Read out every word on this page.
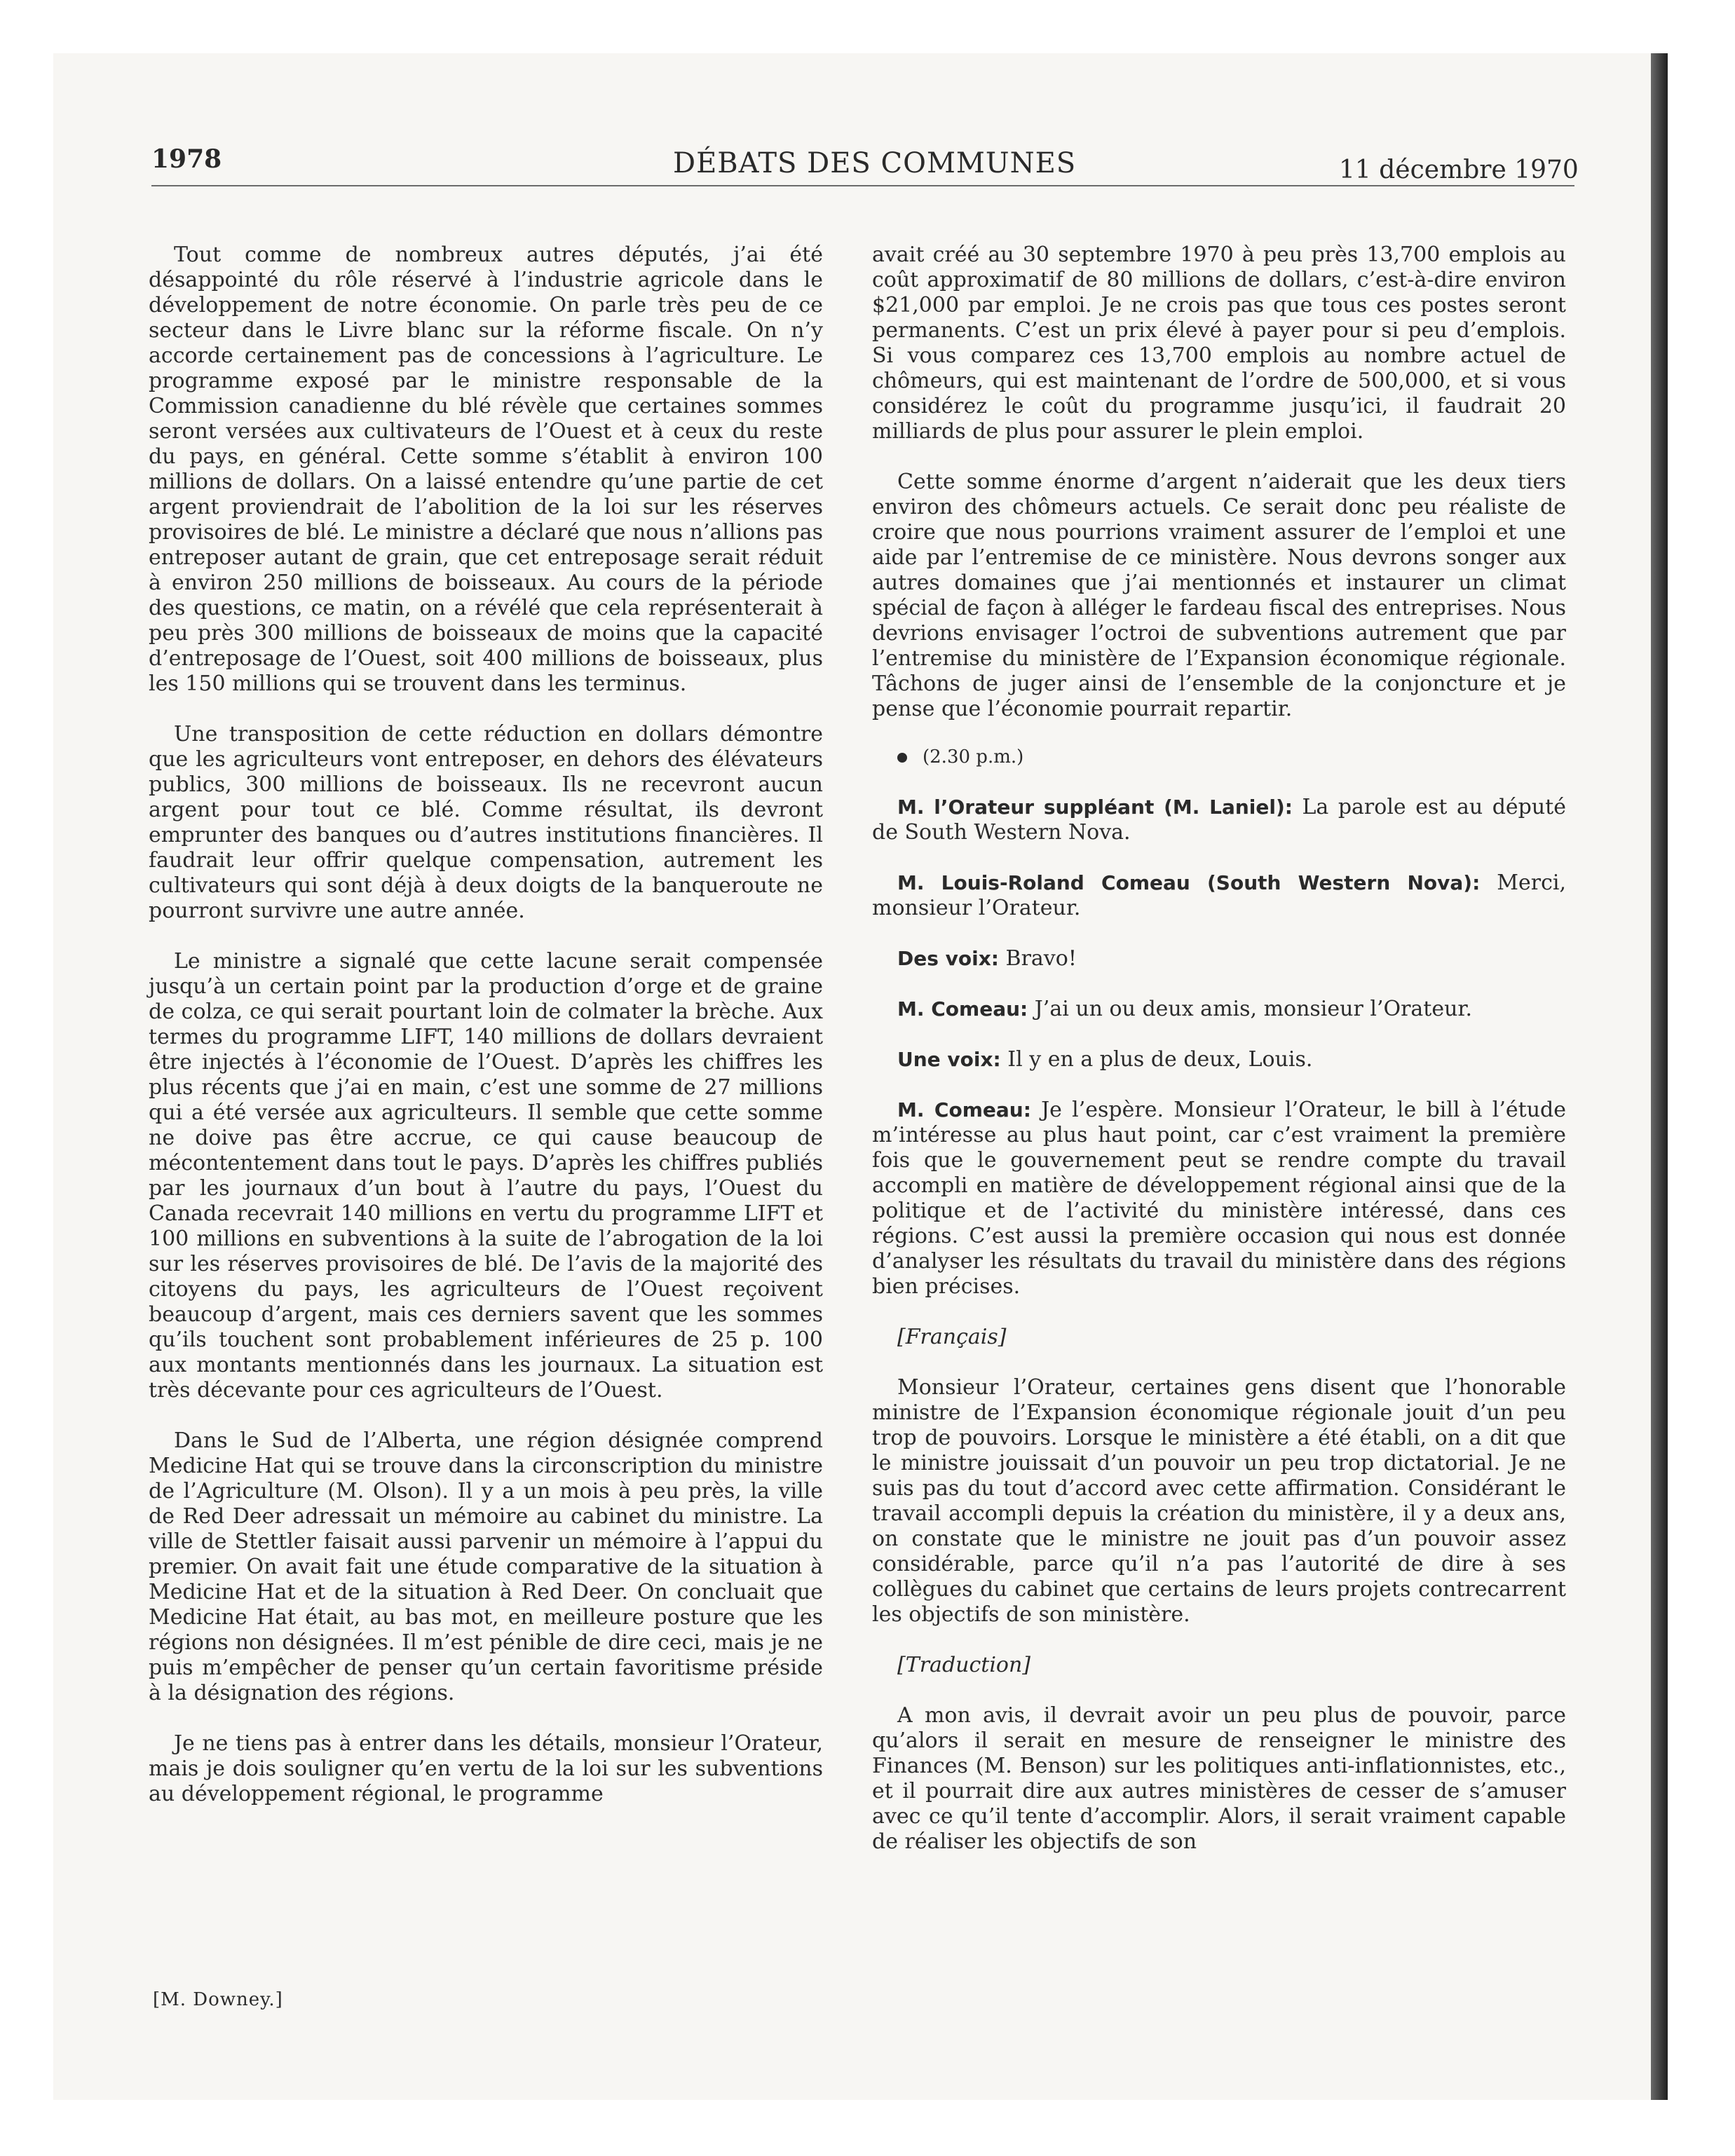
1978	DÉBATS DES COMMUNES	11 décembre 1970

Tout comme de nombreux autres députés, j’ai été désappointé du rôle réservé à l’industrie agricole dans le développement de notre économie. On parle très peu de ce secteur dans le Livre blanc sur la réforme fiscale. On n’y accorde certainement pas de concessions à l’agriculture. Le programme exposé par le ministre responsable de la Commission canadienne du blé révèle que certaines sommes seront versées aux cultivateurs de l’Ouest et à ceux du reste du pays, en général. Cette somme s’établit à environ 100 millions de dollars. On a laissé entendre qu’une partie de cet argent proviendrait de l’abolition de la loi sur les réserves provisoires de blé. Le ministre a déclaré que nous n’allions pas entreposer autant de grain, que cet entreposage serait réduit à environ 250 millions de boisseaux. Au cours de la période des questions, ce matin, on a révélé que cela représenterait à peu près 300 millions de boisseaux de moins que la capacité d’entreposage de l’Ouest, soit 400 millions de boisseaux, plus les 150 millions qui se trouvent dans les terminus.

Une transposition de cette réduction en dollars démontre que les agriculteurs vont entreposer, en dehors des élévateurs publics, 300 millions de boisseaux. Ils ne recevront aucun argent pour tout ce blé. Comme résultat, ils devront emprunter des banques ou d’autres institutions financières. Il faudrait leur offrir quelque compensation, autrement les cultivateurs qui sont déjà à deux doigts de la banqueroute ne pourront survivre une autre année.

Le ministre a signalé que cette lacune serait compensée jusqu’à un certain point par la production d’orge et de graine de colza, ce qui serait pourtant loin de colmater la brèche. Aux termes du programme LIFT, 140 millions de dollars devraient être injectés à l’économie de l’Ouest. D’après les chiffres les plus récents que j’ai en main, c’est une somme de 27 millions qui a été versée aux agriculteurs. Il semble que cette somme ne doive pas être accrue, ce qui cause beaucoup de mécontentement dans tout le pays. D’après les chiffres publiés par les journaux d’un bout à l’autre du pays, l’Ouest du Canada recevrait 140 millions en vertu du programme LIFT et 100 millions en subventions à la suite de l’abrogation de la loi sur les réserves provisoires de blé. De l’avis de la majorité des citoyens du pays, les agriculteurs de l’Ouest reçoivent beaucoup d’argent, mais ces derniers savent que les sommes qu’ils touchent sont probablement inférieures de 25 p. 100 aux montants mentionnés dans les journaux. La situation est très décevante pour ces agriculteurs de l’Ouest.

Dans le Sud de l’Alberta, une région désignée comprend Medicine Hat qui se trouve dans la circonscription du ministre de l’Agriculture (M. Olson). Il y a un mois à peu près, la ville de Red Deer adressait un mémoire au cabinet du ministre. La ville de Stettler faisait aussi parvenir un mémoire à l’appui du premier. On avait fait une étude comparative de la situation à Medicine Hat et de la situation à Red Deer. On concluait que Medicine Hat était, au bas mot, en meilleure posture que les régions non désignées. Il m’est pénible de dire ceci, mais je ne puis m’empêcher de penser qu’un certain favoritisme préside à la désignation des régions.

Je ne tiens pas à entrer dans les détails, monsieur l’Orateur, mais je dois souligner qu’en vertu de la loi sur les subventions au développement régional, le programme

[M. Downey.]

avait créé au 30 septembre 1970 à peu près 13,700 emplois au coût approximatif de 80 millions de dollars, c’est-à-dire environ $21,000 par emploi. Je ne crois pas que tous ces postes seront permanents. C’est un prix élevé à payer pour si peu d’emplois. Si vous comparez ces 13,700 emplois au nombre actuel de chômeurs, qui est maintenant de l’ordre de 500,000, et si vous considérez le coût du programme jusqu’ici, il faudrait 20 milliards de plus pour assurer le plein emploi.

Cette somme énorme d’argent n’aiderait que les deux tiers environ des chômeurs actuels. Ce serait donc peu réaliste de croire que nous pourrions vraiment assurer de l’emploi et une aide par l’entremise de ce ministère. Nous devrons songer aux autres domaines que j’ai mentionnés et instaurer un climat spécial de façon à alléger le fardeau fiscal des entreprises. Nous devrions envisager l’octroi de subventions autrement que par l’entremise du ministère de l’Expansion économique régionale. Tâchons de juger ainsi de l’ensemble de la conjoncture et je pense que l’économie pourrait repartir.

(2.30 p.m.)

M. l’Orateur suppléant (M. Laniel): La parole est au député de South Western Nova.

M. Louis-Roland Comeau (South Western Nova): Merci, monsieur l’Orateur.

Des voix: Bravo!

M. Comeau: J’ai un ou deux amis, monsieur l’Orateur.

Une voix: Il y en a plus de deux, Louis.

M. Comeau: Je l’espère. Monsieur l’Orateur, le bill à l’étude m’intéresse au plus haut point, car c’est vraiment la première fois que le gouvernement peut se rendre compte du travail accompli en matière de développement régional ainsi que de la politique et de l’activité du ministère intéressé, dans ces régions. C’est aussi la première occasion qui nous est donnée d’analyser les résultats du travail du ministère dans des régions bien précises.

[Français]

Monsieur l’Orateur, certaines gens disent que l’honorable ministre de l’Expansion économique régionale jouit d’un peu trop de pouvoirs. Lorsque le ministère a été établi, on a dit que le ministre jouissait d’un pouvoir un peu trop dictatorial. Je ne suis pas du tout d’accord avec cette affirmation. Considérant le travail accompli depuis la création du ministère, il y a deux ans, on constate que le ministre ne jouit pas d’un pouvoir assez considérable, parce qu’il n’a pas l’autorité de dire à ses collègues du cabinet que certains de leurs projets contrecarrent les objectifs de son ministère.

[Traduction]

A mon avis, il devrait avoir un peu plus de pouvoir, parce qu’alors il serait en mesure de renseigner le ministre des Finances (M. Benson) sur les politiques anti-inflationnistes, etc., et il pourrait dire aux autres ministères de cesser de s’amuser avec ce qu’il tente d’accomplir. Alors, il serait vraiment capable de réaliser les objectifs de son
